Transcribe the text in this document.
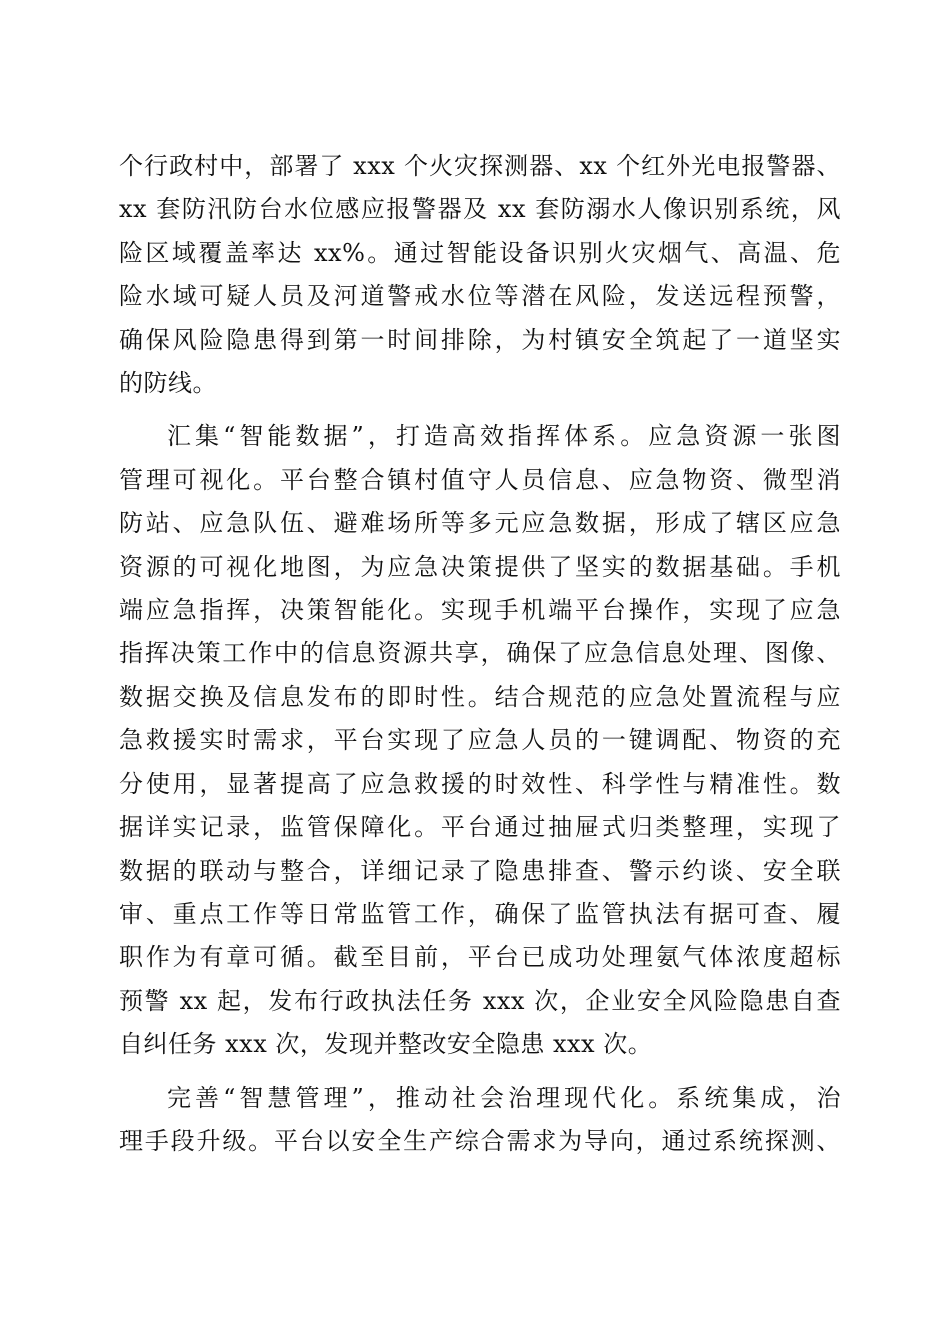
个行政村中，部署了 xxx 个火灾探测器、xx 个红外光电报警器、
xx 套防汛防台水位感应报警器及 xx 套防溺水人像识别系统，风
险区域覆盖率达 xx%。通过智能设备识别火灾烟气、高温、危
险水域可疑人员及河道警戒水位等潜在风险，发送远程预警，
确保风险隐患得到第一时间排除，为村镇安全筑起了一道坚实
的防线。

汇集“智能数据”，打造高效指挥体系。应急资源一张图
管理可视化。平台整合镇村值守人员信息、应急物资、微型消
防站、应急队伍、避难场所等多元应急数据，形成了辖区应急
资源的可视化地图，为应急决策提供了坚实的数据基础。手机
端应急指挥，决策智能化。实现手机端平台操作，实现了应急
指挥决策工作中的信息资源共享，确保了应急信息处理、图像、
数据交换及信息发布的即时性。结合规范的应急处置流程与应
急救援实时需求，平台实现了应急人员的一键调配、物资的充
分使用，显著提高了应急救援的时效性、科学性与精准性。数
据详实记录，监管保障化。平台通过抽屉式归类整理，实现了
数据的联动与整合，详细记录了隐患排查、警示约谈、安全联
审、重点工作等日常监管工作，确保了监管执法有据可查、履
职作为有章可循。截至目前，平台已成功处理氨气体浓度超标
预警 xx 起，发布行政执法任务 xxx 次，企业安全风险隐患自查
自纠任务 xxx 次，发现并整改安全隐患 xxx 次。

完善“智慧管理”，推动社会治理现代化。系统集成，治
理手段升级。平台以安全生产综合需求为导向，通过系统探测、
